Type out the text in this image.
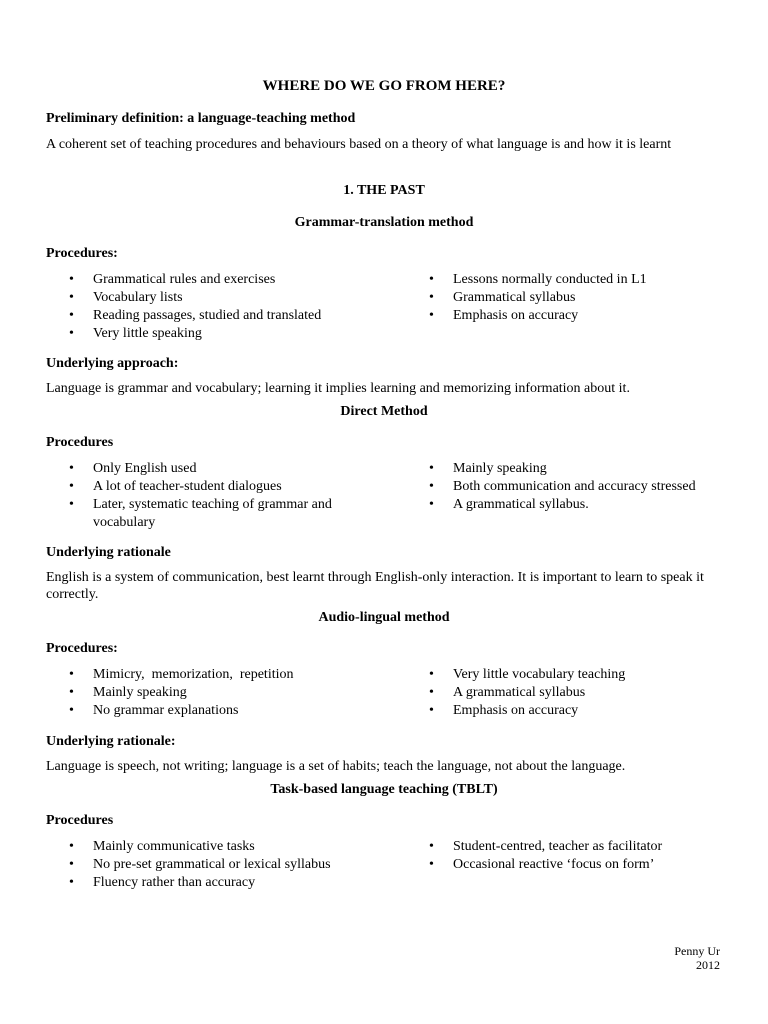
WHERE DO WE GO FROM HERE?
Preliminary definition: a language-teaching method
A coherent set of teaching procedures and behaviours based on a theory of what language is and how it is learnt
1. THE PAST
Grammar-translation method
Procedures:
• Grammatical rules and exercises
• Vocabulary lists
• Reading passages, studied and translated
• Very little speaking
• Lessons normally conducted in L1
• Grammatical syllabus
• Emphasis on accuracy
Underlying approach:
Language is grammar and vocabulary; learning it implies learning and memorizing information about it.
Direct Method
Procedures
• Only English used
• A lot of teacher-student dialogues
• Later, systematic teaching of grammar and vocabulary
• Mainly speaking
• Both communication and accuracy stressed
• A grammatical syllabus.
Underlying rationale
English is a system of communication, best learnt through English-only interaction. It is important to learn to speak it correctly.
Audio-lingual method
Procedures:
• Mimicry,  memorization,  repetition
• Mainly speaking
• No grammar explanations
• Very little vocabulary teaching
• A grammatical syllabus
• Emphasis on accuracy
Underlying rationale:
Language is speech, not writing; language is a set of habits; teach the language, not about the language.
Task-based language teaching (TBLT)
Procedures
• Mainly communicative tasks
• No pre-set grammatical or lexical syllabus
• Fluency rather than accuracy
• Student-centred, teacher as facilitator
• Occasional reactive ‘focus on form’
Penny Ur
2012
